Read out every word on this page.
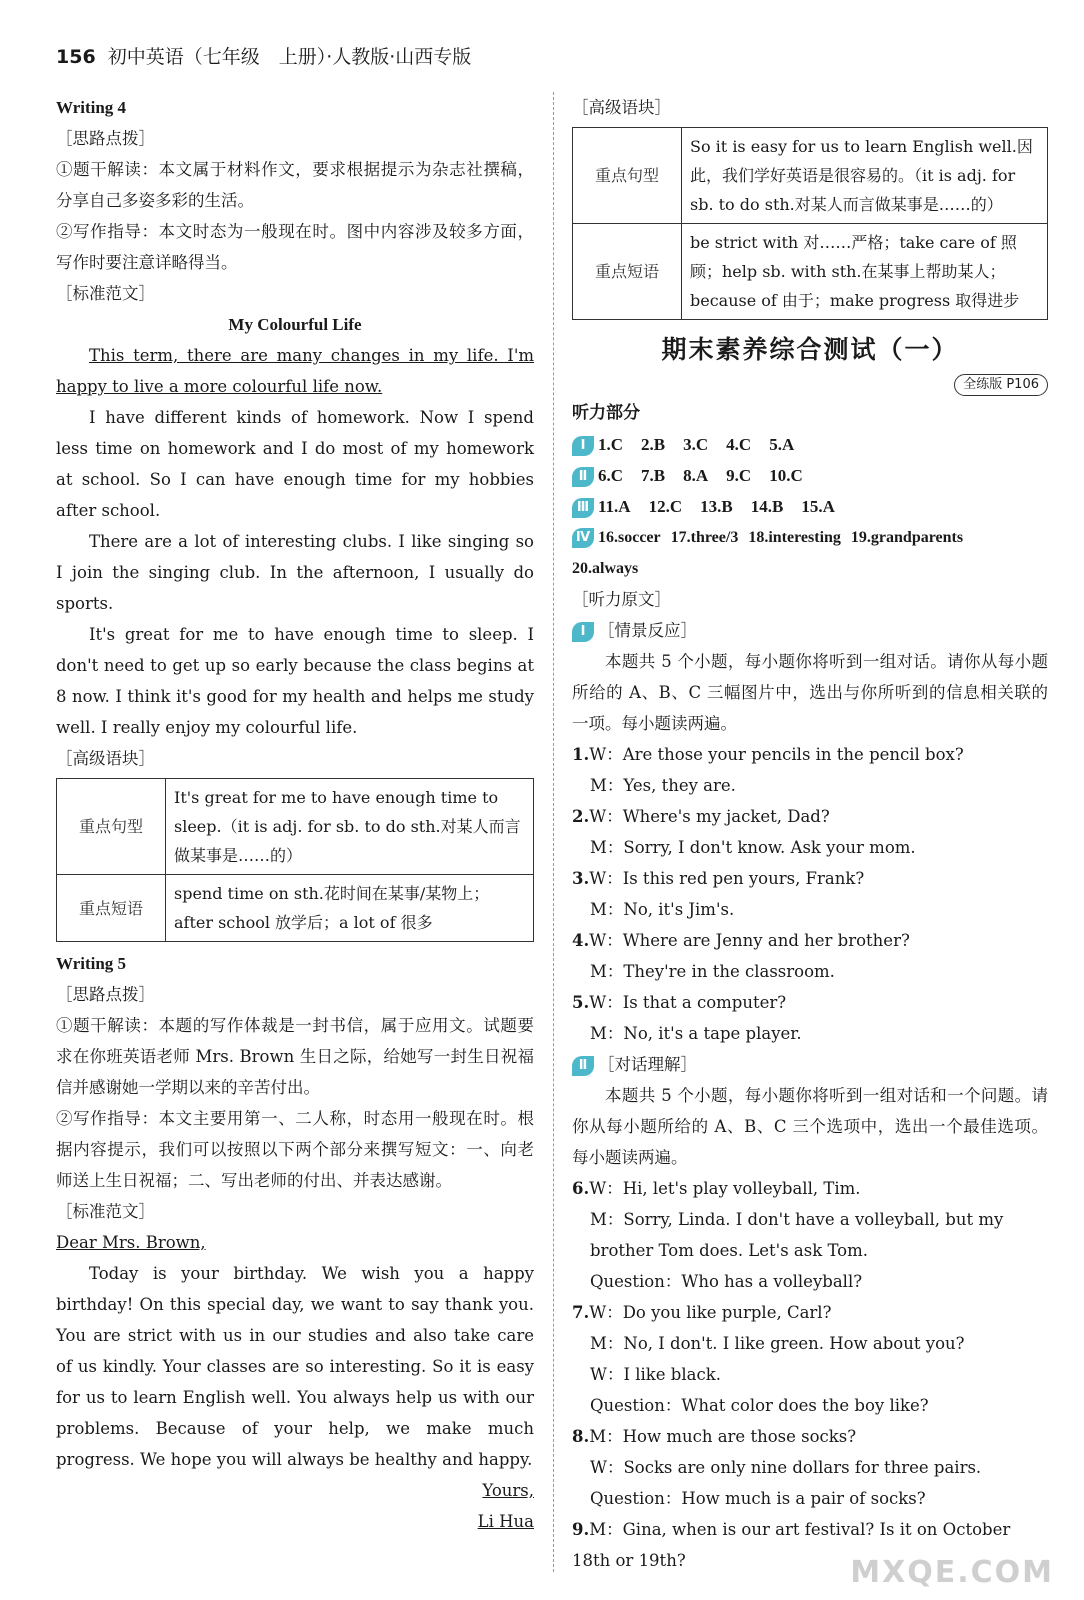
156 初中英语（七年级　上册）·人教版·山西专版
Writing 4
［思路点拨］

①题干解读：本文属于材料作文，要求根据提示为杂志社撰稿，分享自己多姿多彩的生活。

②写作指导：本文时态为一般现在时。图中内容涉及较多方面，写作时要注意详略得当。

［标准范文］
My Colourful Life

This term, there are many changes in my life. I'm happy to live a more colourful life now.

I have different kinds of homework. Now I spend less time on homework and I do most of my homework at school. So I can have enough time for my hobbies after school.

There are a lot of interesting clubs. I like singing so I join the singing club. In the afternoon, I usually do sports.

It's great for me to have enough time to sleep. I don't need to get up so early because the class begins at 8 now. I think it's good for my health and helps me study well. I really enjoy my colourful life.

［高级语块］
重点句型	It's great for me to have enough time to sleep.（it is adj. for sb. to do sth.对某人而言做某事是……的）
重点短语	spend time on sth.花时间在某事/某物上；after school 放学后；a lot of 很多
Writing 5
［思路点拨］

①题干解读：本题的写作体裁是一封书信，属于应用文。试题要求在你班英语老师 Mrs. Brown 生日之际，给她写一封生日祝福信并感谢她一学期以来的辛苦付出。

②写作指导：本文主要用第一、二人称，时态用一般现在时。根据内容提示，我们可以按照以下两个部分来撰写短文：一、向老师送上生日祝福；二、写出老师的付出、并表达感谢。

［标准范文］
Dear Mrs. Brown,

Today is your birthday. We wish you a happy birthday! On this special day, we want to say thank you. You are strict with us in our studies and also take care of us kindly. Your classes are so interesting. So it is easy for us to learn English well. You always help us with our problems. Because of your help, we make much progress. We hope you will always be healthy and happy.

Yours,
Li Hua
［高级语块］
重点句型	So it is easy for us to learn English well.因此，我们学好英语是很容易的。（it is adj. for sb. to do sth.对某人而言做某事是……的）
重点短语	be strict with 对……严格；take care of 照顾；help sb. with sth.在某事上帮助某人；because of 由于；make progress 取得进步
期末素养综合测试（一）
全练版 P106
听力部分
Ⅰ 1.C 2.B 3.C 4.C 5.A
Ⅱ 6.C 7.B 8.A 9.C 10.C
Ⅲ 11.A 12.C 13.B 14.B 15.A
Ⅳ 16.soccer 17.three/3 18.interesting 19.grandparents
20.always
［听力原文］
Ⅰ ［情景反应］

本题共 5 个小题，每小题你将听到一组对话。请你从每小题所给的 A、B、C 三幅图片中，选出与你所听到的信息相关联的一项。每小题读两遍。

1.W：Are those your pencils in the pencil box?
M：Yes, they are.
2.W：Where's my jacket, Dad?
M：Sorry, I don't know. Ask your mom.
3.W：Is this red pen yours, Frank?
M：No, it's Jim's.
4.W：Where are Jenny and her brother?
M：They're in the classroom.
5.W：Is that a computer?
M：No, it's a tape player.
Ⅱ ［对话理解］

本题共 5 个小题，每小题你将听到一组对话和一个问题。请你从每小题所给的 A、B、C 三个选项中，选出一个最佳选项。每小题读两遍。

6.W：Hi, let's play volleyball, Tim.
M：Sorry, Linda. I don't have a volleyball, but my brother Tom does. Let's ask Tom.
Question：Who has a volleyball?
7.W：Do you like purple, Carl?
M：No, I don't. I like green. How about you?
W：I like black.
Question：What color does the boy like?
8.M：How much are those socks?
W：Socks are only nine dollars for three pairs.
Question：How much is a pair of socks?
9.M：Gina, when is our art festival? Is it on October 18th or 19th?	MXQE.COM
